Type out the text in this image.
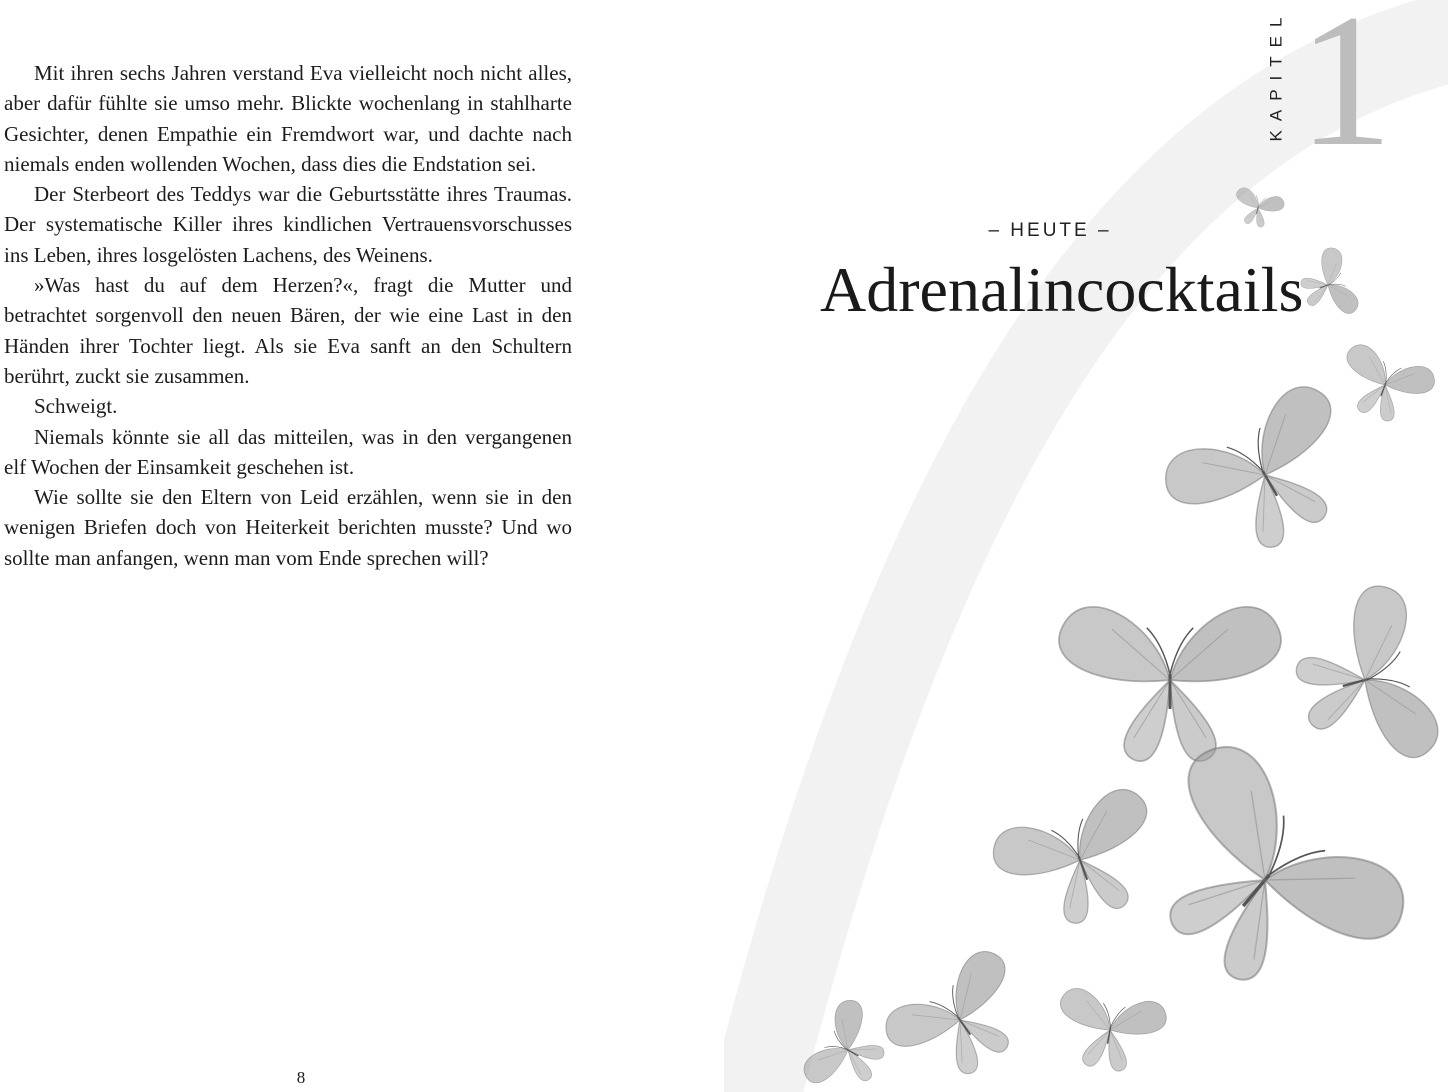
Mit ihren sechs Jahren verstand Eva vielleicht noch nicht alles, aber dafür fühlte sie umso mehr. Blickte wochenlang in stahlharte Gesichter, denen Empathie ein Fremdwort war, und dachte nach niemals enden wollenden Wochen, dass dies die Endstation sei.

Der Sterbeort des Teddys war die Geburtsstätte ihres Traumas. Der systematische Killer ihres kindlichen Vertrauensvorschusses ins Leben, ihres losgelösten Lachens, des Weinens.

»Was hast du auf dem Herzen?«, fragt die Mutter und betrachtet sorgenvoll den neuen Bären, der wie eine Last in den Händen ihrer Tochter liegt. Als sie Eva sanft an den Schultern berührt, zuckt sie zusammen.

Schweigt.

Niemals könnte sie all das mitteilen, was in den vergangenen elf Wochen der Einsamkeit geschehen ist.

Wie sollte sie den Eltern von Leid erzählen, wenn sie in den wenigen Briefen doch von Heiterkeit berichten musste? Und wo sollte man anfangen, wenn man vom Ende sprechen will?

8
KAPITEL 1
– HEUTE –
Adrenalincocktails
